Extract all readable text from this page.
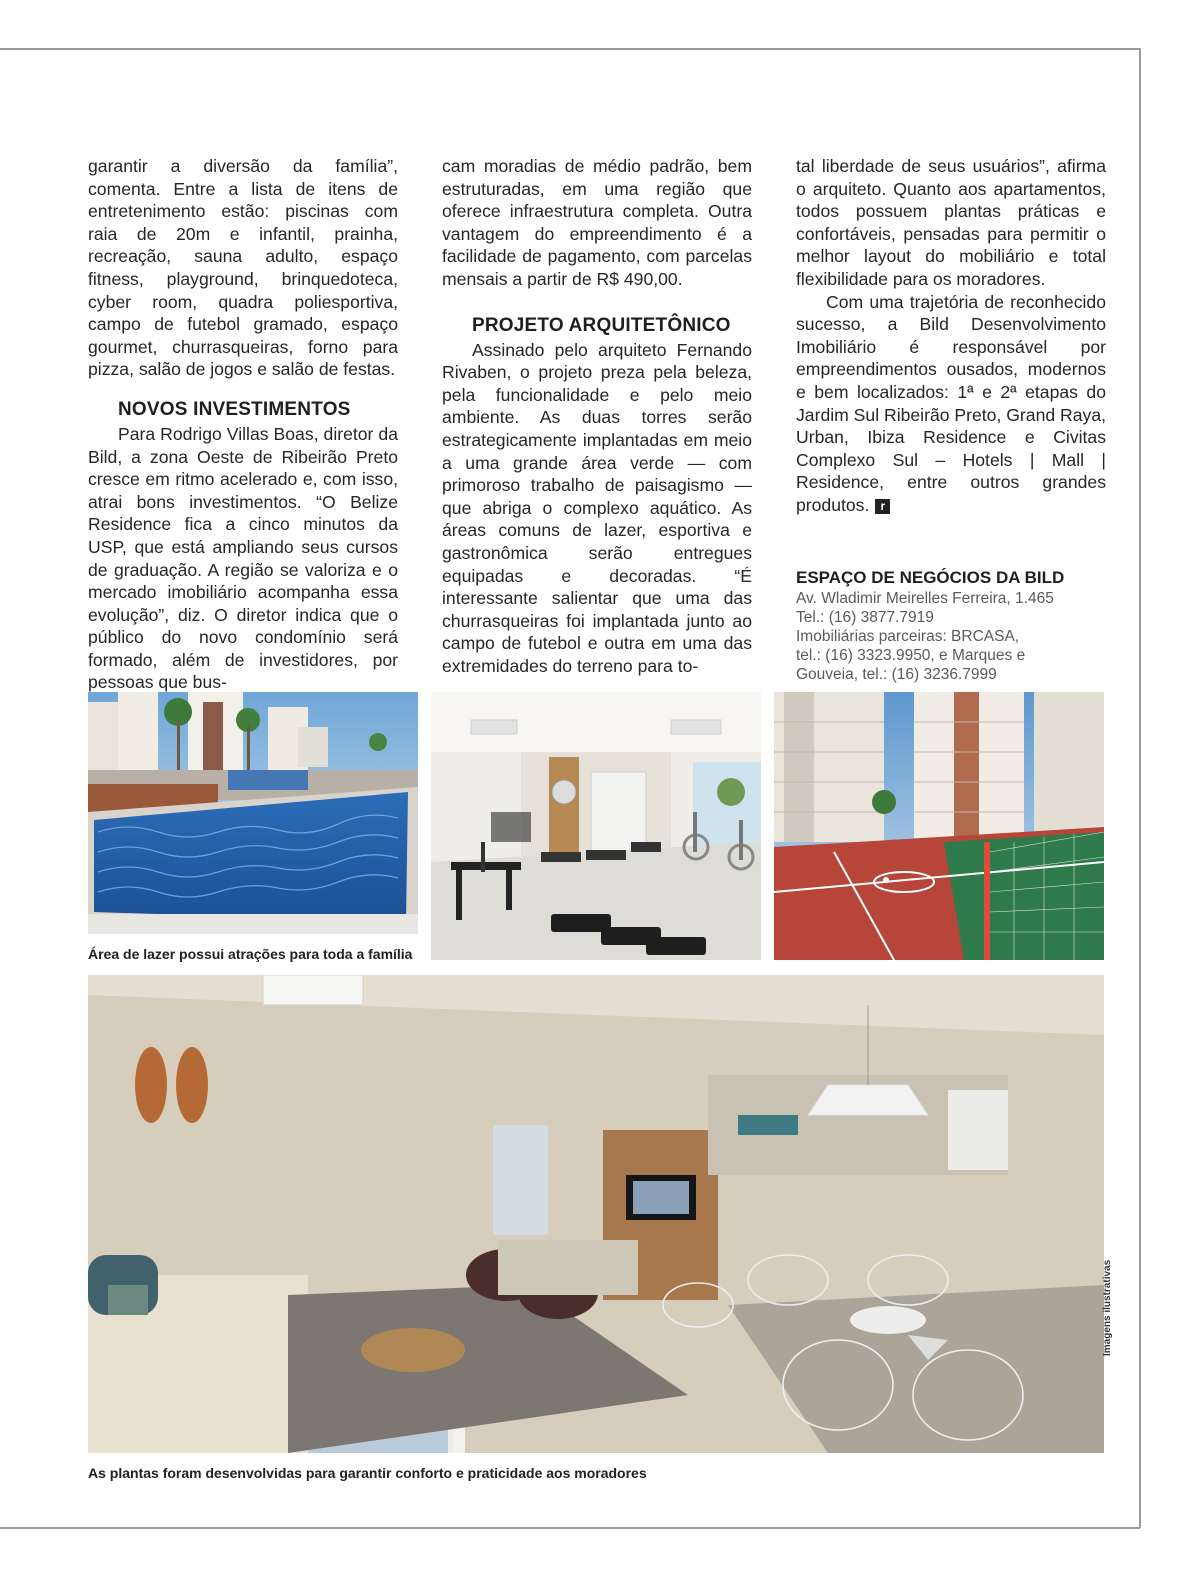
garantir a diversão da família”, comenta. Entre a lista de itens de entretenimento estão: piscinas com raia de 20m e infantil, prainha, recreação, sauna adulto, espaço fitness, playground, brinquedoteca, cyber room, quadra poliesportiva, campo de futebol gramado, espaço gourmet, churrasqueiras, forno para pizza, salão de jogos e salão de festas.

NOVOS INVESTIMENTOS

Para Rodrigo Villas Boas, diretor da Bild, a zona Oeste de Ribeirão Preto cresce em ritmo acelerado e, com isso, atrai bons investimentos. “O Belize Residence fica a cinco minutos da USP, que está ampliando seus cursos de graduação. A região se valoriza e o mercado imobiliário acompanha essa evolução”, diz. O diretor indica que o público do novo condomínio será formado, além de investidores, por pessoas que bus-

cam moradias de médio padrão, bem estruturadas, em uma região que oferece infraestrutura completa. Outra vantagem do empreendimento é a facilidade de pagamento, com parcelas mensais a partir de R$ 490,00.

PROJETO ARQUITETÔNICO

Assinado pelo arquiteto Fernando Rivaben, o projeto preza pela beleza, pela funcionalidade e pelo meio ambiente. As duas torres serão estrategicamente implantadas em meio a uma grande área verde — com primoroso trabalho de paisagismo — que abriga o complexo aquático. As áreas comuns de lazer, esportiva e gastronômica serão entregues equipadas e decoradas. “É interessante salientar que uma das churrasqueiras foi implantada junto ao campo de futebol e outra em uma das extremidades do terreno para to-

tal liberdade de seus usuários”, afirma o arquiteto. Quanto aos apartamentos, todos possuem plantas práticas e confortáveis, pensadas para permitir o melhor layout do mobiliário e total flexibilidade para os moradores.

Com uma trajetória de reconhecido sucesso, a Bild Desenvolvimento Imobiliário é responsável por empreendimentos ousados, modernos e bem localizados: 1ª e 2ª etapas do Jardim Sul Ribeirão Preto, Grand Raya, Urban, Ibiza Residence e Civitas Complexo Sul – Hotels | Mall | Residence, entre outros grandes produtos. r

ESPAÇO DE NEGÓCIOS DA BILD
Av. Wladimir Meirelles Ferreira, 1.465
Tel.: (16) 3877.7919
Imobiliárias parceiras: BRCASA,
tel.: (16) 3323.9950, e Marques e
Gouveia, tel.: (16) 3236.7999
Área de lazer possui atrações para toda a família
As plantas foram desenvolvidas para garantir conforto e praticidade aos moradores
Imagens ilustrativas
